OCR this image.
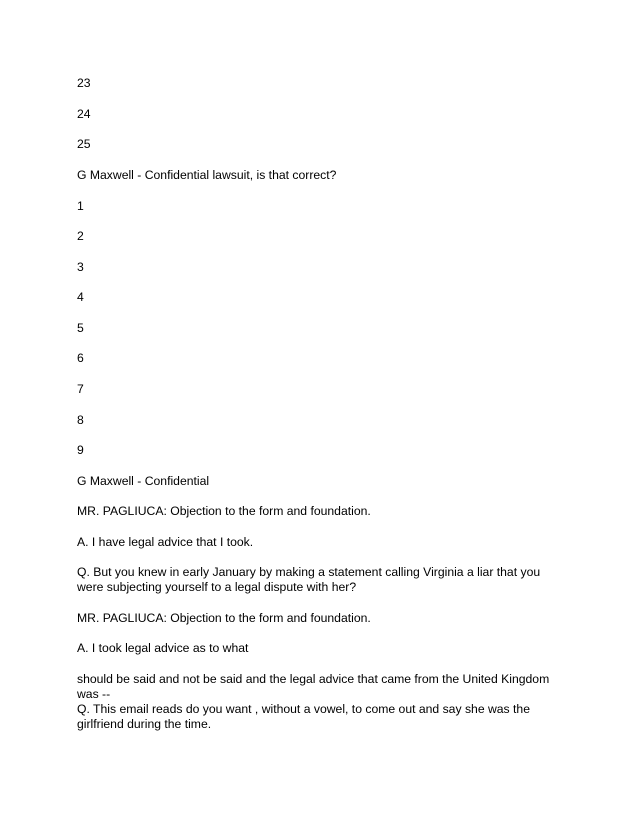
23

24

25

G Maxwell - Confidential lawsuit, is that correct?

1

2

3

4

5

6

7

8

9

G Maxwell - Confidential

MR. PAGLIUCA: Objection to the form and foundation.

A. I have legal advice that I took.

Q. But you knew in early January by making a statement calling Virginia a liar that you were subjecting yourself to a legal dispute with her?

MR. PAGLIUCA: Objection to the form and foundation.

A. I took legal advice as to what

should be said and not be said and the legal advice that came from the United Kingdom was --

Q. This email reads do you want , without a vowel, to come out and say she was the girlfriend during the time.
